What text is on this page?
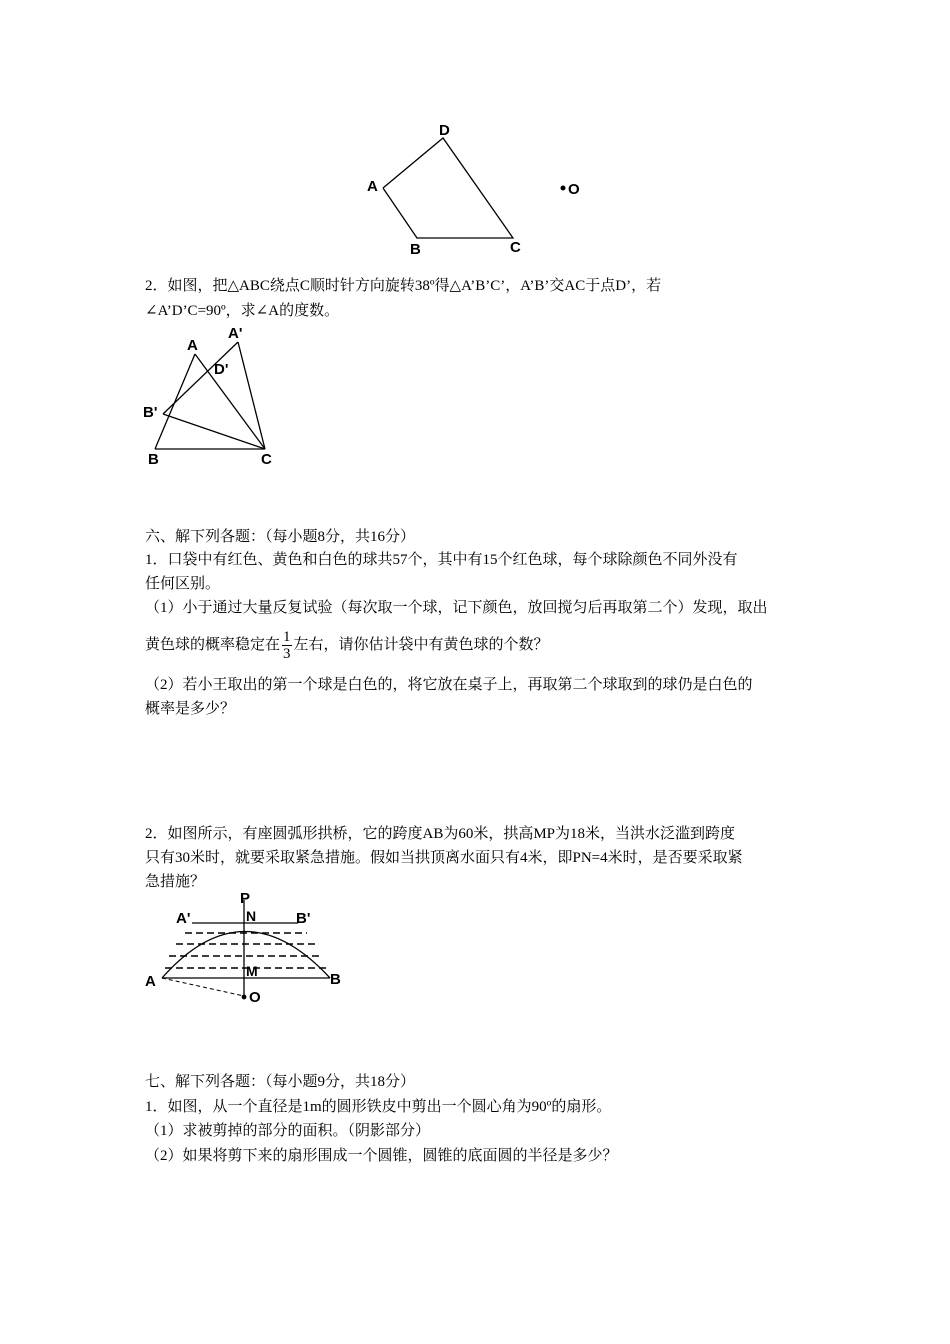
D
A
B	C
O
2．如图，把△ABC绕点C顺时针方向旋转38º得△A’B’C’，A’B’交AC于点D’，若
∠A’D’C=90º，求∠A的度数。
A
A'
D'
B'
B	C
六、解下列各题：（每小题8分，共16分）
1．口袋中有红色、黄色和白色的球共57个，其中有15个红色球，每个球除颜色不同外没有
任何区别。
（1）小于通过大量反复试验（每次取一个球，记下颜色，放回搅匀后再取第二个）发现，取出
黄色球的概率稳定在 $\frac{1}{3}$ 左右，请你估计袋中有黄色球的个数？
（2）若小王取出的第一个球是白色的，将它放在桌子上，再取第二个球取到的球仍是白色的
概率是多少？
2．如图所示，有座圆弧形拱桥，它的跨度AB为60米，拱高MP为18米，当洪水泛滥到跨度
只有30米时，就要采取紧急措施。假如当拱顶离水面只有4米，即PN=4米时，是否要采取紧
急措施？
P
N
A'	B'
M
A	B
O
七、解下列各题：（每小题9分，共18分）
1．如图，从一个直径是1m的圆形铁皮中剪出一个圆心角为90º的扇形。
（1）求被剪掉的部分的面积。（阴影部分）
（2）如果将剪下来的扇形围成一个圆锥，圆锥的底面圆的半径是多少？
